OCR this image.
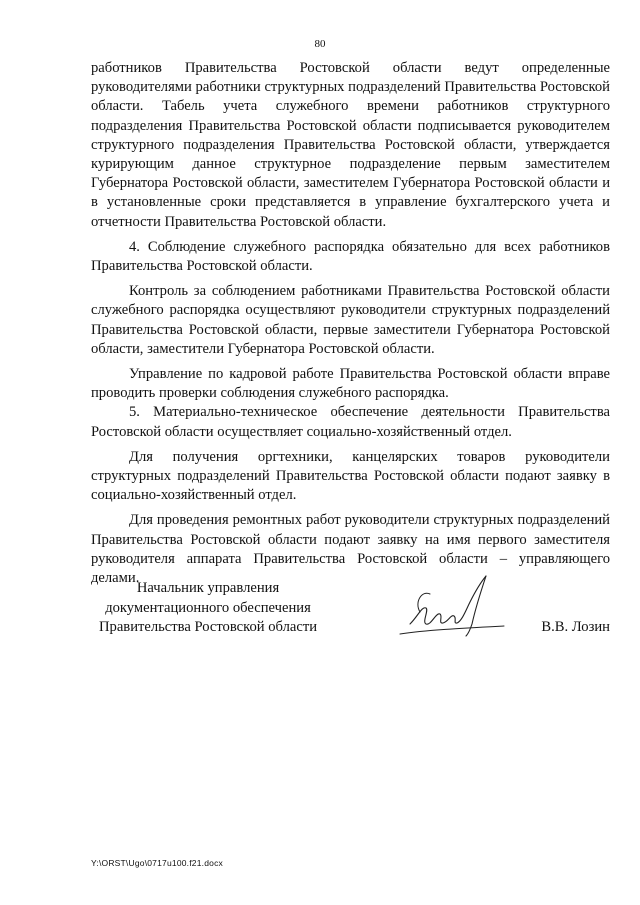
80

работников Правительства Ростовской области ведут определенные руководителями работники структурных подразделений Правительства Ростовской области. Табель учета служебного времени работников структурного подразделения Правительства Ростовской области подписывается руководителем структурного подразделения Правительства Ростовской области, утверждается курирующим данное структурное подразделение первым заместителем Губернатора Ростовской области, заместителем Губернатора Ростовской области и в установленные сроки представляется в управление бухгалтерского учета и отчетности Правительства Ростовской области.

4. Соблюдение служебного распорядка обязательно для всех работников Правительства Ростовской области.

Контроль за соблюдением работниками Правительства Ростовской области служебного распорядка осуществляют руководители структурных подразделений Правительства Ростовской области, первые заместители Губернатора Ростовской области, заместители Губернатора Ростовской области.

Управление по кадровой работе Правительства Ростовской области вправе проводить проверки соблюдения служебного распорядка.

5. Материально-техническое обеспечение деятельности Правительства Ростовской области осуществляет социально-хозяйственный отдел.

Для получения оргтехники, канцелярских товаров руководители структурных подразделений Правительства Ростовской области подают заявку в социально-хозяйственный отдел.

Для проведения ремонтных работ руководители структурных подразделений Правительства Ростовской области подают заявку на имя первого заместителя руководителя аппарата Правительства Ростовской области – управляющего делами.

Начальник управления
документационного обеспечения
Правительства Ростовской области	В.В. Лозин
Y:\ORST\Ugo\0717u100.f21.docx
